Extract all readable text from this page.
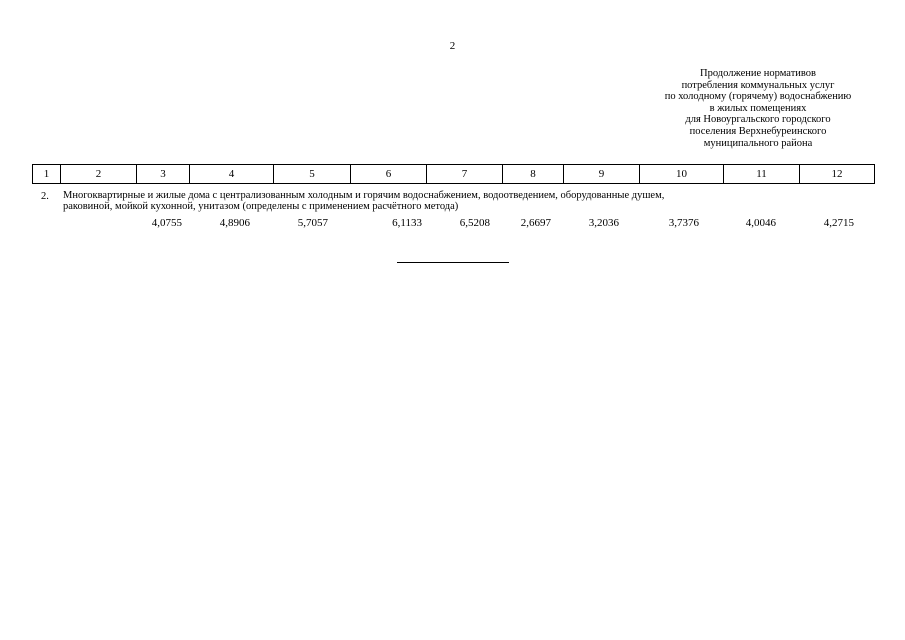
2
Продолжение нормативов
потребления коммунальных услуг
по холодному (горячему) водоснабжению
в жилых помещениях
для Новоургальского городского
поселения Верхнебуреинского
муниципального района
1	2	3	4	5	6	7	8	9	10	11	12
2. Многоквартирные и жилые дома с централизованным холодным и горячим водоснабжением, водоотведением, оборудованные душем,
раковиной, мойкой кухонной, унитазом (определены с применением расчётного метода)
4,0755	4,8906	5,7057	6,1133	6,5208	2,6697	3,2036	3,7376	4,0046	4,2715
